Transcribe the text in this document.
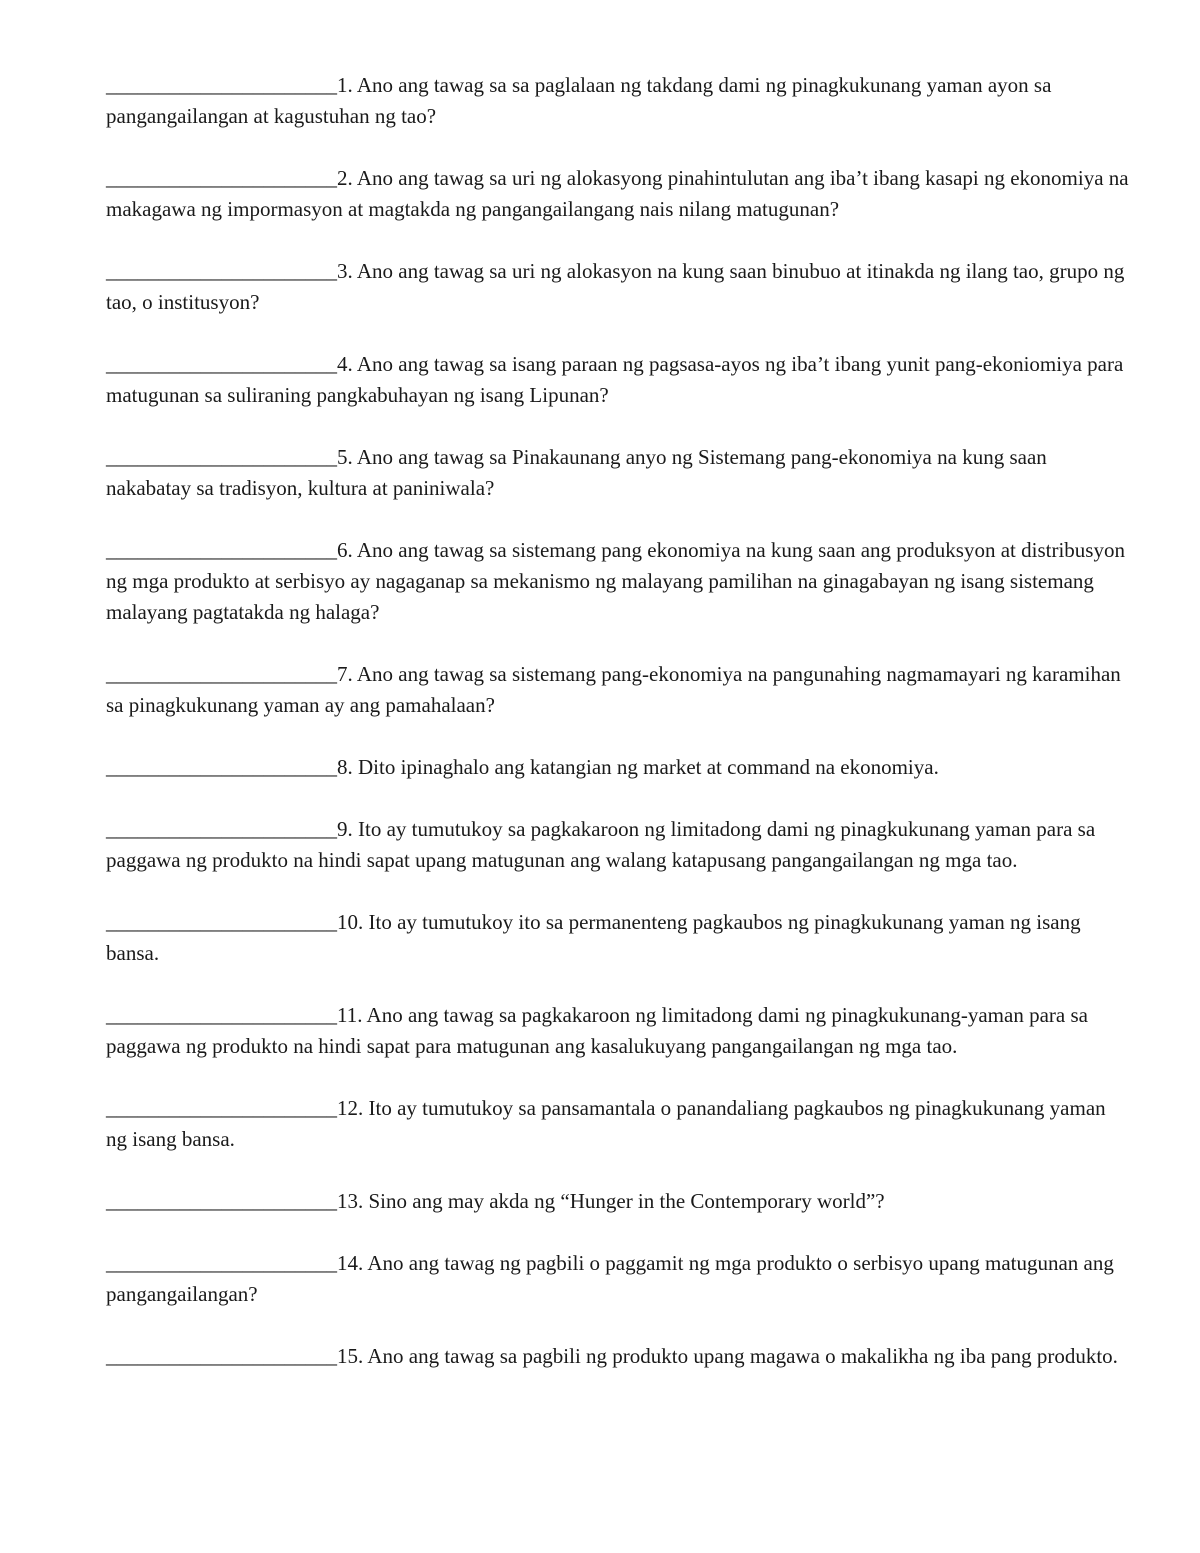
______________________1. Ano ang tawag sa sa paglalaan ng takdang dami ng pinagkukunang yaman ayon sa pangangailangan at kagustuhan ng tao?

______________________2. Ano ang tawag sa uri ng alokasyong pinahintulutan ang iba’t ibang kasapi ng ekonomiya na makagawa ng impormasyon at magtakda ng pangangailangang nais nilang matugunan?

______________________3. Ano ang tawag sa uri ng alokasyon na kung saan binubuo at itinakda ng ilang tao, grupo ng tao, o institusyon?

______________________4. Ano ang tawag sa isang paraan ng pagsasa-ayos ng iba’t ibang yunit pang-ekoniomiya para matugunan sa suliraning pangkabuhayan ng isang Lipunan?

______________________5. Ano ang tawag sa Pinakaunang anyo ng Sistemang pang-ekonomiya na kung saan nakabatay sa tradisyon, kultura at paniniwala?

______________________6. Ano ang tawag sa sistemang pang ekonomiya na kung saan ang produksyon at distribusyon ng mga produkto at serbisyo ay nagaganap sa mekanismo ng malayang pamilihan na ginagabayan ng isang sistemang malayang pagtatakda ng halaga?

______________________7. Ano ang tawag sa sistemang pang-ekonomiya na pangunahing nagmamayari ng karamihan sa pinagkukunang yaman ay ang pamahalaan?

______________________8. Dito ipinaghalo ang katangian ng market at command na ekonomiya.

______________________9. Ito ay tumutukoy sa pagkakaroon ng limitadong dami ng pinagkukunang yaman para sa paggawa ng produkto na hindi sapat upang matugunan ang walang katapusang pangangailangan ng mga tao.

______________________10. Ito ay tumutukoy ito sa permanenteng pagkaubos ng pinagkukunang yaman ng isang bansa.

______________________11. Ano ang tawag sa pagkakaroon ng limitadong dami ng pinagkukunang-yaman para sa paggawa ng produkto na hindi sapat para matugunan ang kasalukuyang pangangailangan ng mga tao.

______________________12. Ito ay tumutukoy sa pansamantala o panandaliang pagkaubos ng pinagkukunang yaman ng isang bansa.

______________________13. Sino ang may akda ng “Hunger in the Contemporary world”?

______________________14. Ano ang tawag ng pagbili o paggamit ng mga produkto o serbisyo upang matugunan ang pangangailangan?

______________________15. Ano ang tawag sa pagbili ng produkto upang magawa o makalikha ng iba pang produkto.
